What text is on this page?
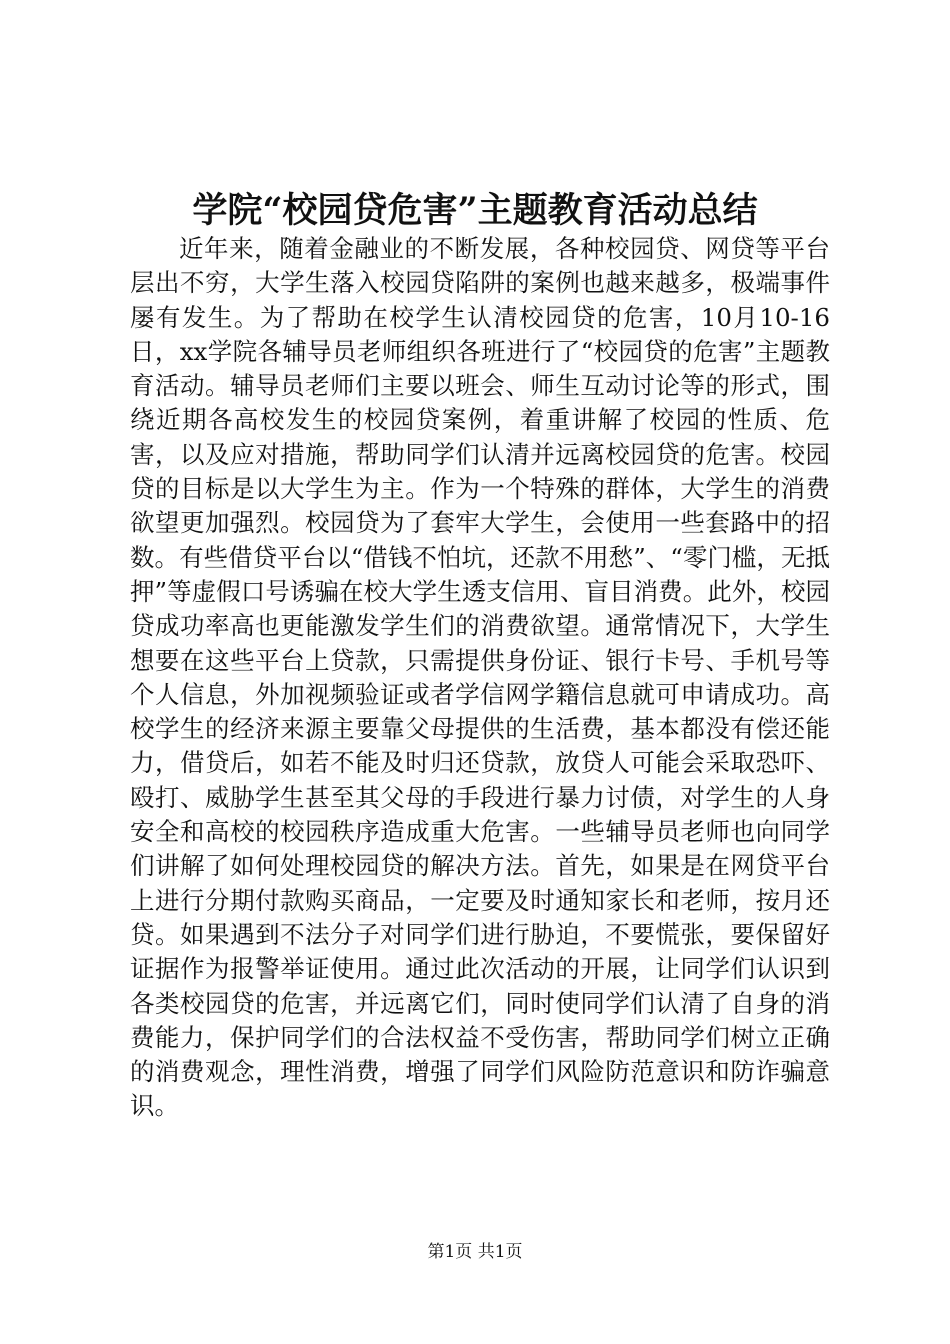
学院“校园贷危害”主题教育活动总结

近年来，随着金融业的不断发展，各种校园贷、网贷等平台层出不穷，大学生落入校园贷陷阱的案例也越来越多，极端事件屡有发生。为了帮助在校学生认清校园贷的危害，10月10-16日，xx学院各辅导员老师组织各班进行了“校园贷的危害”主题教育活动。辅导员老师们主要以班会、师生互动讨论等的形式，围绕近期各高校发生的校园贷案例，着重讲解了校园的性质、危害，以及应对措施，帮助同学们认清并远离校园贷的危害。校园贷的目标是以大学生为主。作为一个特殊的群体，大学生的消费欲望更加强烈。校园贷为了套牢大学生，会使用一些套路中的招数。有些借贷平台以“借钱不怕坑，还款不用愁”、“零门槛，无抵押”等虚假口号诱骗在校大学生透支信用、盲目消费。此外，校园贷成功率高也更能激发学生们的消费欲望。通常情况下，大学生想要在这些平台上贷款，只需提供身份证、银行卡号、手机号等个人信息，外加视频验证或者学信网学籍信息就可申请成功。高校学生的经济来源主要靠父母提供的生活费，基本都没有偿还能力，借贷后，如若不能及时归还贷款，放贷人可能会采取恐吓、殴打、威胁学生甚至其父母的手段进行暴力讨债，对学生的人身安全和高校的校园秩序造成重大危害。一些辅导员老师也向同学们讲解了如何处理校园贷的解决方法。首先，如果是在网贷平台上进行分期付款购买商品，一定要及时通知家长和老师，按月还贷。如果遇到不法分子对同学们进行胁迫，不要慌张，要保留好证据作为报警举证使用。通过此次活动的开展，让同学们认识到各类校园贷的危害，并远离它们，同时使同学们认清了自身的消费能力，保护同学们的合法权益不受伤害，帮助同学们树立正确的消费观念，理性消费，增强了同学们风险防范意识和防诈骗意识。

第1页 共1页
